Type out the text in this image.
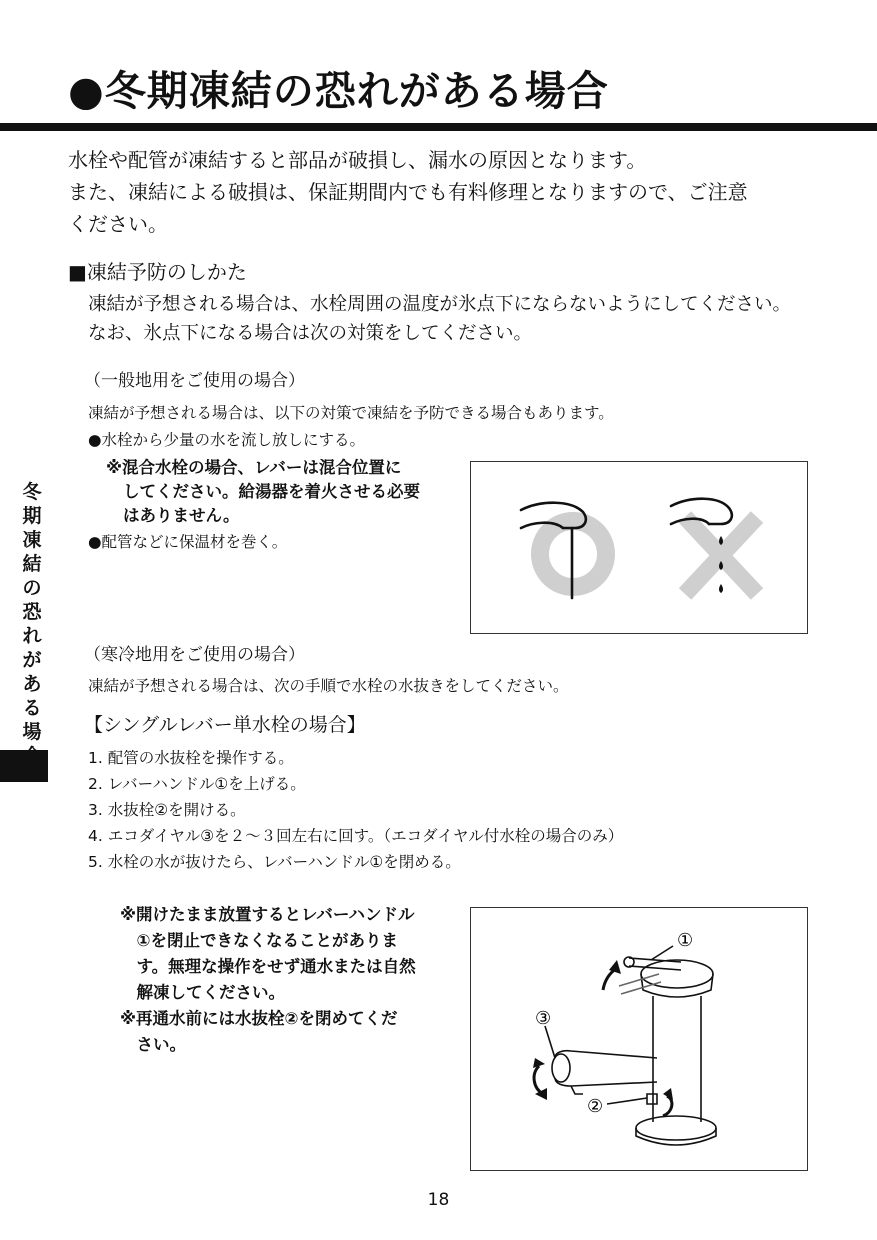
●冬期凍結の恐れがある場合
水栓や配管が凍結すると部品が破損し、漏水の原因となります。
また、凍結による破損は、保証期間内でも有料修理となりますので、ご注意
ください。
■凍結予防のしかた
凍結が予想される場合は、水栓周囲の温度が氷点下にならないようにしてください。
なお、氷点下になる場合は次の対策をしてください。
（一般地用をご使用の場合）
凍結が予想される場合は、以下の対策で凍結を予防できる場合もあります。
●水栓から少量の水を流し放しにする。
※混合水栓の場合、レバーは混合位置に
してください。給湯器を着火させる必要
はありません。
●配管などに保温材を巻く。
（寒冷地用をご使用の場合）
凍結が予想される場合は、次の手順で水栓の水抜きをしてください。
【シングルレバー単水栓の場合】
1. 配管の水抜栓を操作する。
2. レバーハンドル①を上げる。
3. 水抜栓②を開ける。
4. エコダイヤル③を２～３回左右に回す。（エコダイヤル付水栓の場合のみ）
5. 水栓の水が抜けたら、レバーハンドル①を閉める。
※開けたまま放置するとレバーハンドル
　①を閉止できなくなることがありま
　す。無理な操作をせず通水または自然
　解凍してください。
※再通水前には水抜栓②を閉めてくだ
　さい。
①
③
②
冬
期
凍
結
の
恐
れ
が
あ
る
場
18
